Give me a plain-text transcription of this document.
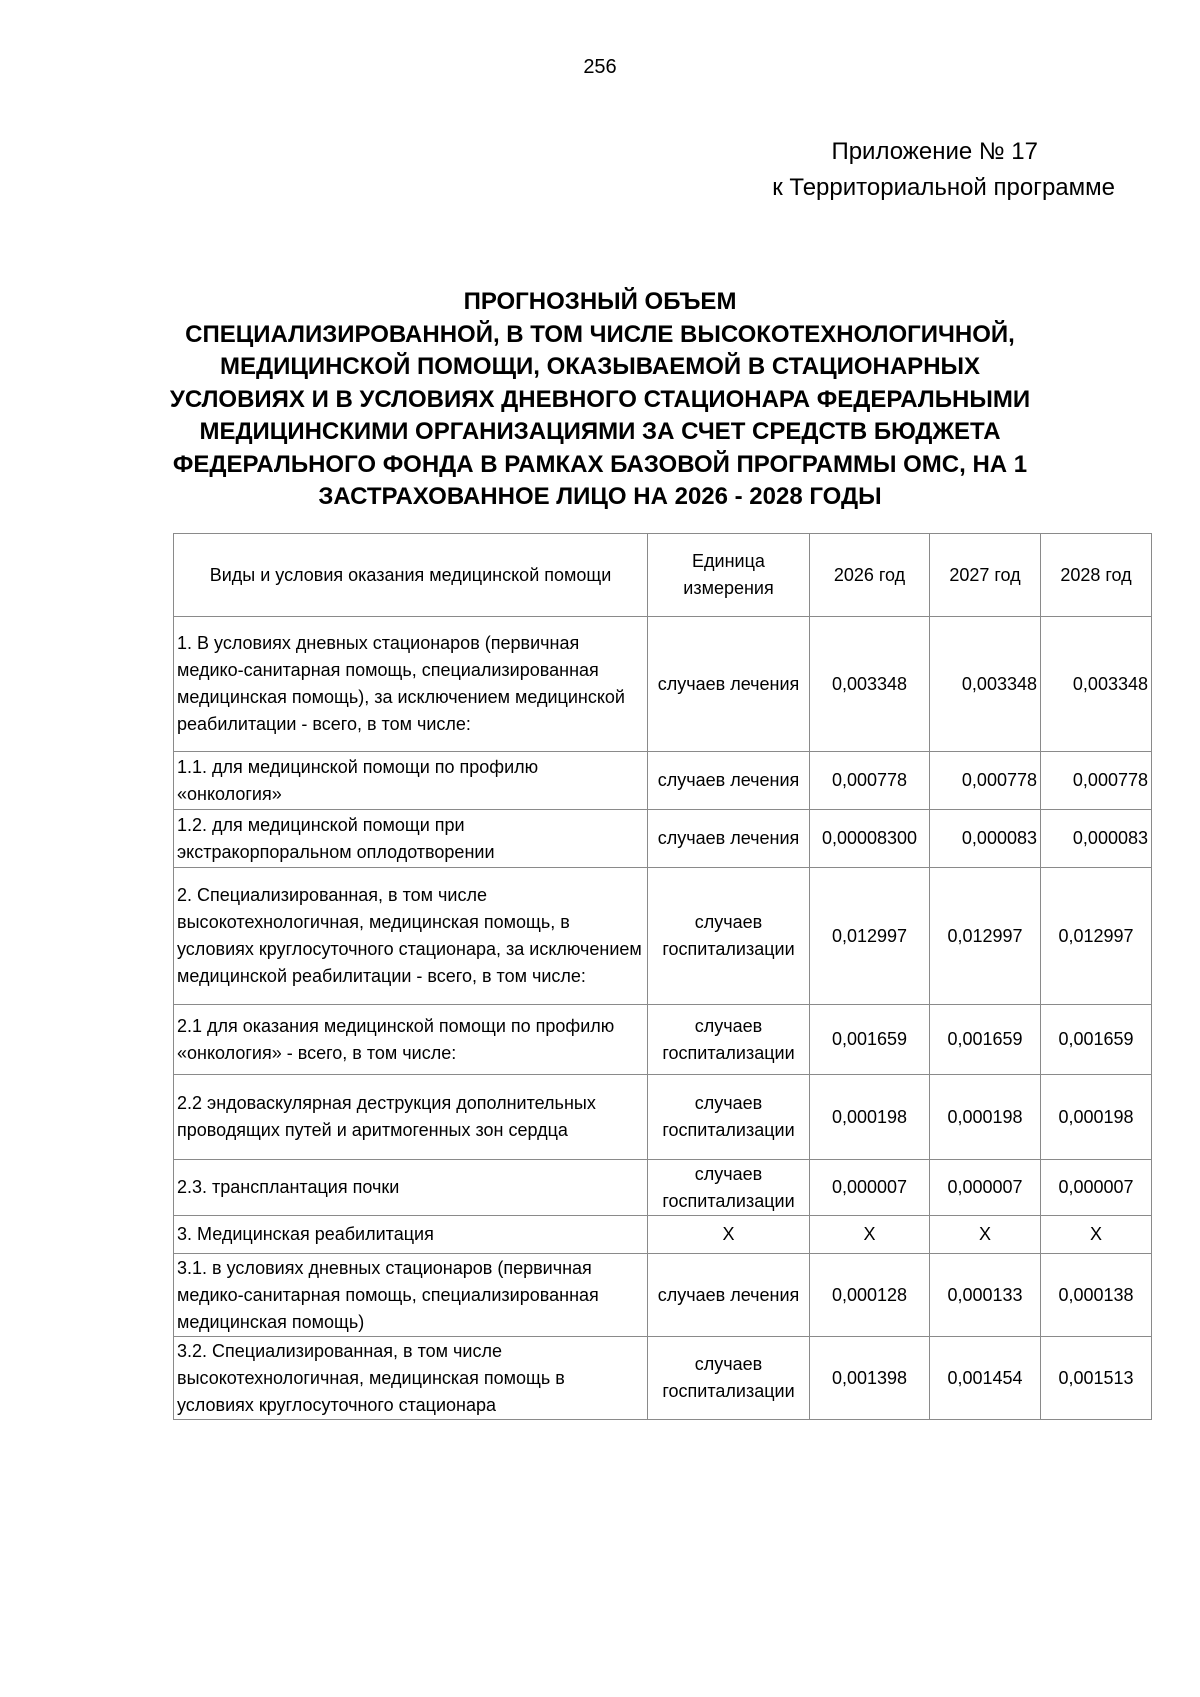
256
Приложение № 17
к Территориальной программе
ПРОГНОЗНЫЙ ОБЪЕМ
СПЕЦИАЛИЗИРОВАННОЙ, В ТОМ ЧИСЛЕ ВЫСОКОТЕХНОЛОГИЧНОЙ,
МЕДИЦИНСКОЙ ПОМОЩИ, ОКАЗЫВАЕМОЙ В СТАЦИОНАРНЫХ
УСЛОВИЯХ И В УСЛОВИЯХ ДНЕВНОГО СТАЦИОНАРА ФЕДЕРАЛЬНЫМИ
МЕДИЦИНСКИМИ ОРГАНИЗАЦИЯМИ ЗА СЧЕТ СРЕДСТВ БЮДЖЕТА
ФЕДЕРАЛЬНОГО ФОНДА В РАМКАХ БАЗОВОЙ ПРОГРАММЫ ОМС, НА 1
ЗАСТРАХОВАННОЕ ЛИЦО НА 2026 - 2028 ГОДЫ
Виды и условия оказания медицинской помощи	Единица измерения	2026 год	2027 год	2028 год
1. В условиях дневных стационаров (первичная медико-санитарная помощь, специализированная медицинская помощь), за исключением медицинской реабилитации - всего, в том числе:	случаев лечения	0,003348	0,003348	0,003348
1.1. для медицинской помощи по профилю «онкология»	случаев лечения	0,000778	0,000778	0,000778
1.2. для медицинской помощи при экстракорпоральном оплодотворении	случаев лечения	0,00008300	0,000083	0,000083
2. Специализированная, в том числе высокотехнологичная, медицинская помощь, в условиях круглосуточного стационара, за исключением медицинской реабилитации - всего, в том числе:	случаев госпитализации	0,012997	0,012997	0,012997
2.1 для оказания медицинской помощи по профилю «онкология» - всего, в том числе:	случаев госпитализации	0,001659	0,001659	0,001659
2.2 эндоваскулярная деструкция дополнительных проводящих путей и аритмогенных зон сердца	случаев госпитализации	0,000198	0,000198	0,000198
2.3. трансплантация почки	случаев госпитализации	0,000007	0,000007	0,000007
3. Медицинская реабилитация	X	X	X	X
3.1. в условиях дневных стационаров (первичная медико-санитарная помощь, специализированная медицинская помощь)	случаев лечения	0,000128	0,000133	0,000138
3.2. Специализированная, в том числе высокотехнологичная, медицинская помощь в условиях круглосуточного стационара	случаев госпитализации	0,001398	0,001454	0,001513
